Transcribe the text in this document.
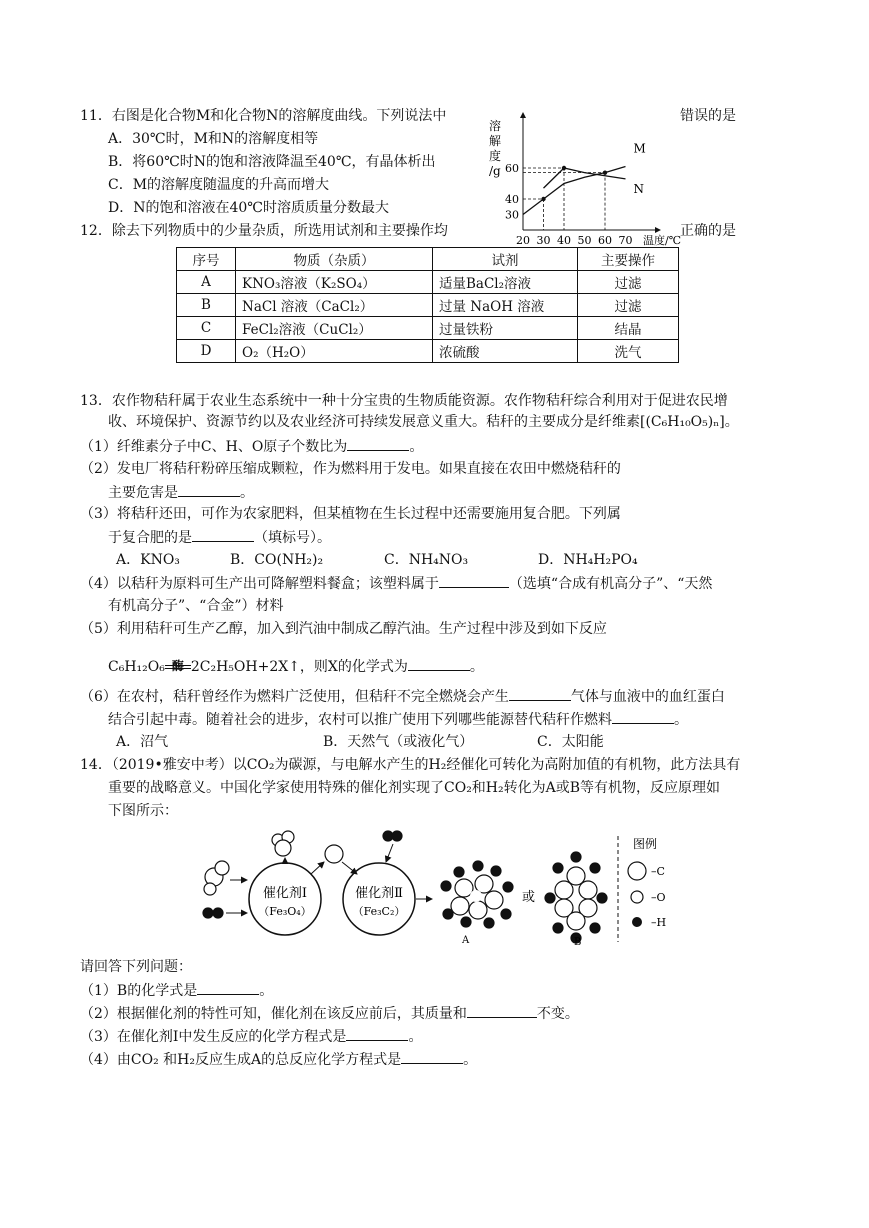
11．右图是化合物M和化合物N的溶解度曲线。下列说法中	错误的是
A．30℃时，M和N的溶解度相等
B．将60℃时N的饱和溶液降温至40℃，有晶体析出
C．M的溶解度随温度的升高而增大
D．N的饱和溶液在40℃时溶质质量分数最大
溶
解
度
/g
20 30 40 50 60 70 温度/℃
30
40
60
M
N
12．除去下列物质中的少量杂质，所选用试剂和主要操作均	正确的是
序号	物质（杂质）	试剂	主要操作
A	KNO₃溶液（K₂SO₄）	适量BaCl₂溶液	过滤
B	NaCl 溶液（CaCl₂）	过量 NaOH 溶液	过滤
C	FeCl₂溶液（CuCl₂）	过量铁粉	结晶
D	O₂（H₂O）	浓硫酸	洗气
13．农作物秸秆属于农业生态系统中一种十分宝贵的生物质能资源。农作物秸秆综合利用对于促进农民增
收、环境保护、资源节约以及农业经济可持续发展意义重大。秸秆的主要成分是纤维素[(C₆H₁₀O₅)ₙ]。
（1）纤维素分子中C、H、O原子个数比为	。
（2）发电厂将秸秆粉碎压缩成颗粒，作为燃料用于发电。如果直接在农田中燃烧秸秆的
主要危害是	。
（3）将秸秆还田，可作为农家肥料，但某植物在生长过程中还需要施用复合肥。下列属
于复合肥的是	（填标号）。
A．KNO₃	B．CO(NH₂)₂	C．NH₄NO₃	D．NH₄H₂PO₄
（4）以秸秆为原料可生产出可降解塑料餐盒；该塑料属于	（选填“合成有机高分子”、“天然
有机高分子”、“合金”）材料
（5）利用秸秆可生产乙醇，加入到汽油中制成乙醇汽油。生产过程中涉及到如下反应
C₆H₁₂O₆ 酶 2C₂H₅OH+2X↑，则X的化学式为	。
（6）在农村，秸秆曾经作为燃料广泛使用，但秸秆不完全燃烧会产生	气体与血液中的血红蛋白
结合引起中毒。随着社会的进步，农村可以推广使用下列哪些能源替代秸秆作燃料	。
A．沼气	B．天然气（或液化气）	C．太阳能
14．（2019•雅安中考）以CO₂为碳源，与电解水产生的H₂经催化可转化为高附加值的有机物，此方法具有
重要的战略意义。中国化学家使用特殊的催化剂实现了CO₂和H₂转化为A或B等有机物，反应原理如
下图所示：
催化剂Ⅰ
（Fe₃O₄）
催化剂Ⅱ
（Fe₃C₂）
A
或
B
图例
–C
–O
–H
请回答下列问题：
（1）B的化学式是	。
（2）根据催化剂的特性可知，催化剂在该反应前后，其质量和	不变。
（3）在催化剂Ⅰ中发生反应的化学方程式是	。
（4）由CO₂ 和H₂反应生成A的总反应化学方程式是	。
